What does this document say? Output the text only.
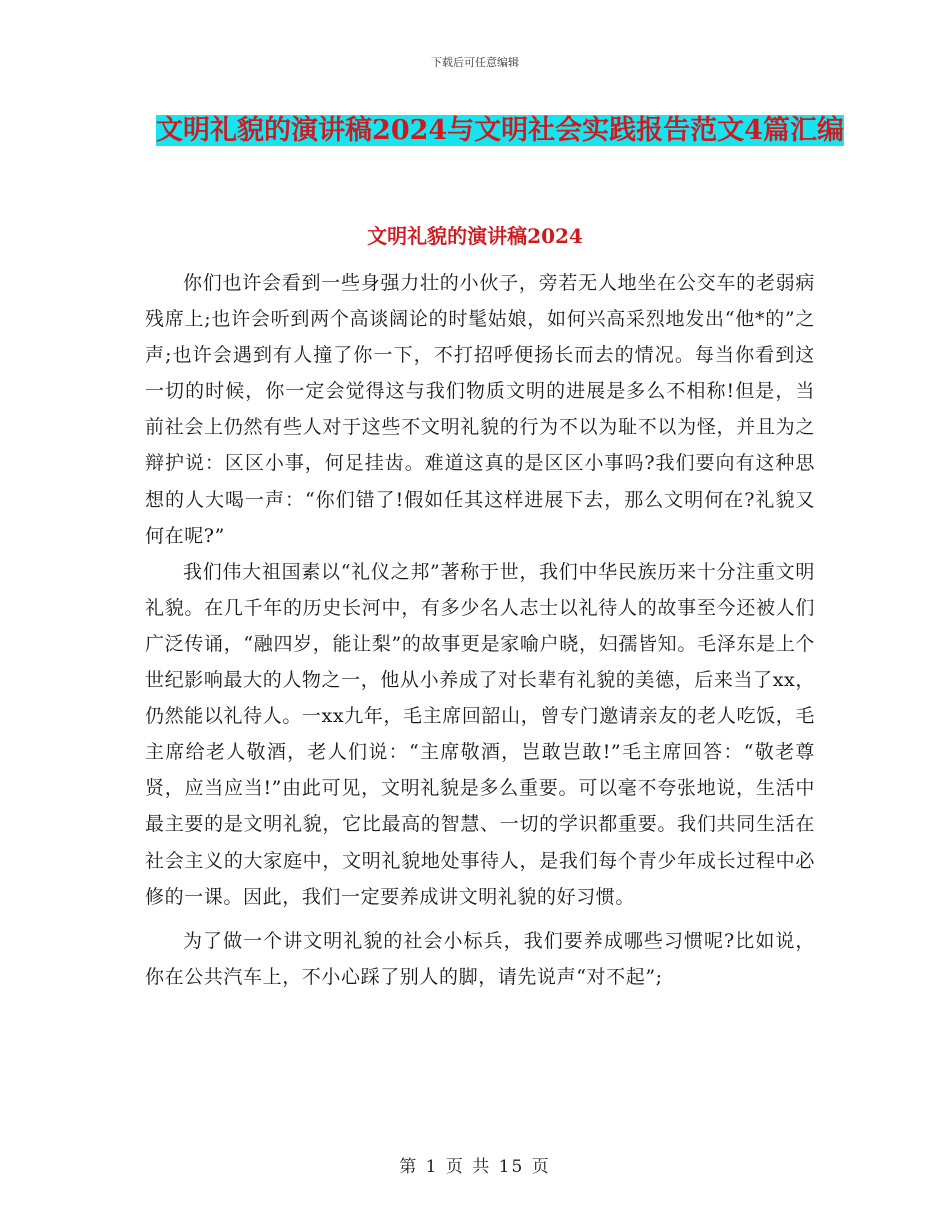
下载后可任意编辑
文明礼貌的演讲稿2024与文明社会实践报告范文4篇汇编
文明礼貌的演讲稿2024

你们也许会看到一些身强力壮的小伙子，旁若无人地坐在公交车的老弱病残席上;也许会听到两个高谈阔论的时髦姑娘，如何兴高采烈地发出“他*的”之声;也许会遇到有人撞了你一下，不打招呼便扬长而去的情况。每当你看到这一切的时候，你一定会觉得这与我们物质文明的进展是多么不相称!但是，当前社会上仍然有些人对于这些不文明礼貌的行为不以为耻不以为怪，并且为之辩护说：区区小事，何足挂齿。难道这真的是区区小事吗?我们要向有这种思想的人大喝一声：“你们错了!假如任其这样进展下去，那么文明何在?礼貌又何在呢?”

我们伟大祖国素以“礼仪之邦”著称于世，我们中华民族历来十分注重文明礼貌。在几千年的历史长河中，有多少名人志士以礼待人的故事至今还被人们广泛传诵，“融四岁，能让梨”的故事更是家喻户晓，妇孺皆知。毛泽东是上个世纪影响最大的人物之一，他从小养成了对长辈有礼貌的美德，后来当了xx，仍然能以礼待人。一xx九年，毛主席回韶山，曾专门邀请亲友的老人吃饭，毛主席给老人敬酒，老人们说：“主席敬酒，岂敢岂敢!”毛主席回答：“敬老尊贤，应当应当!”由此可见，文明礼貌是多么重要。可以毫不夸张地说，生活中最主要的是文明礼貌，它比最高的智慧、一切的学识都重要。我们共同生活在社会主义的大家庭中，文明礼貌地处事待人，是我们每个青少年成长过程中必修的一课。因此，我们一定要养成讲文明礼貌的好习惯。

为了做一个讲文明礼貌的社会小标兵，我们要养成哪些习惯呢?比如说，你在公共汽车上，不小心踩了别人的脚，请先说声“对不起”;

第 1 页 共 15 页
